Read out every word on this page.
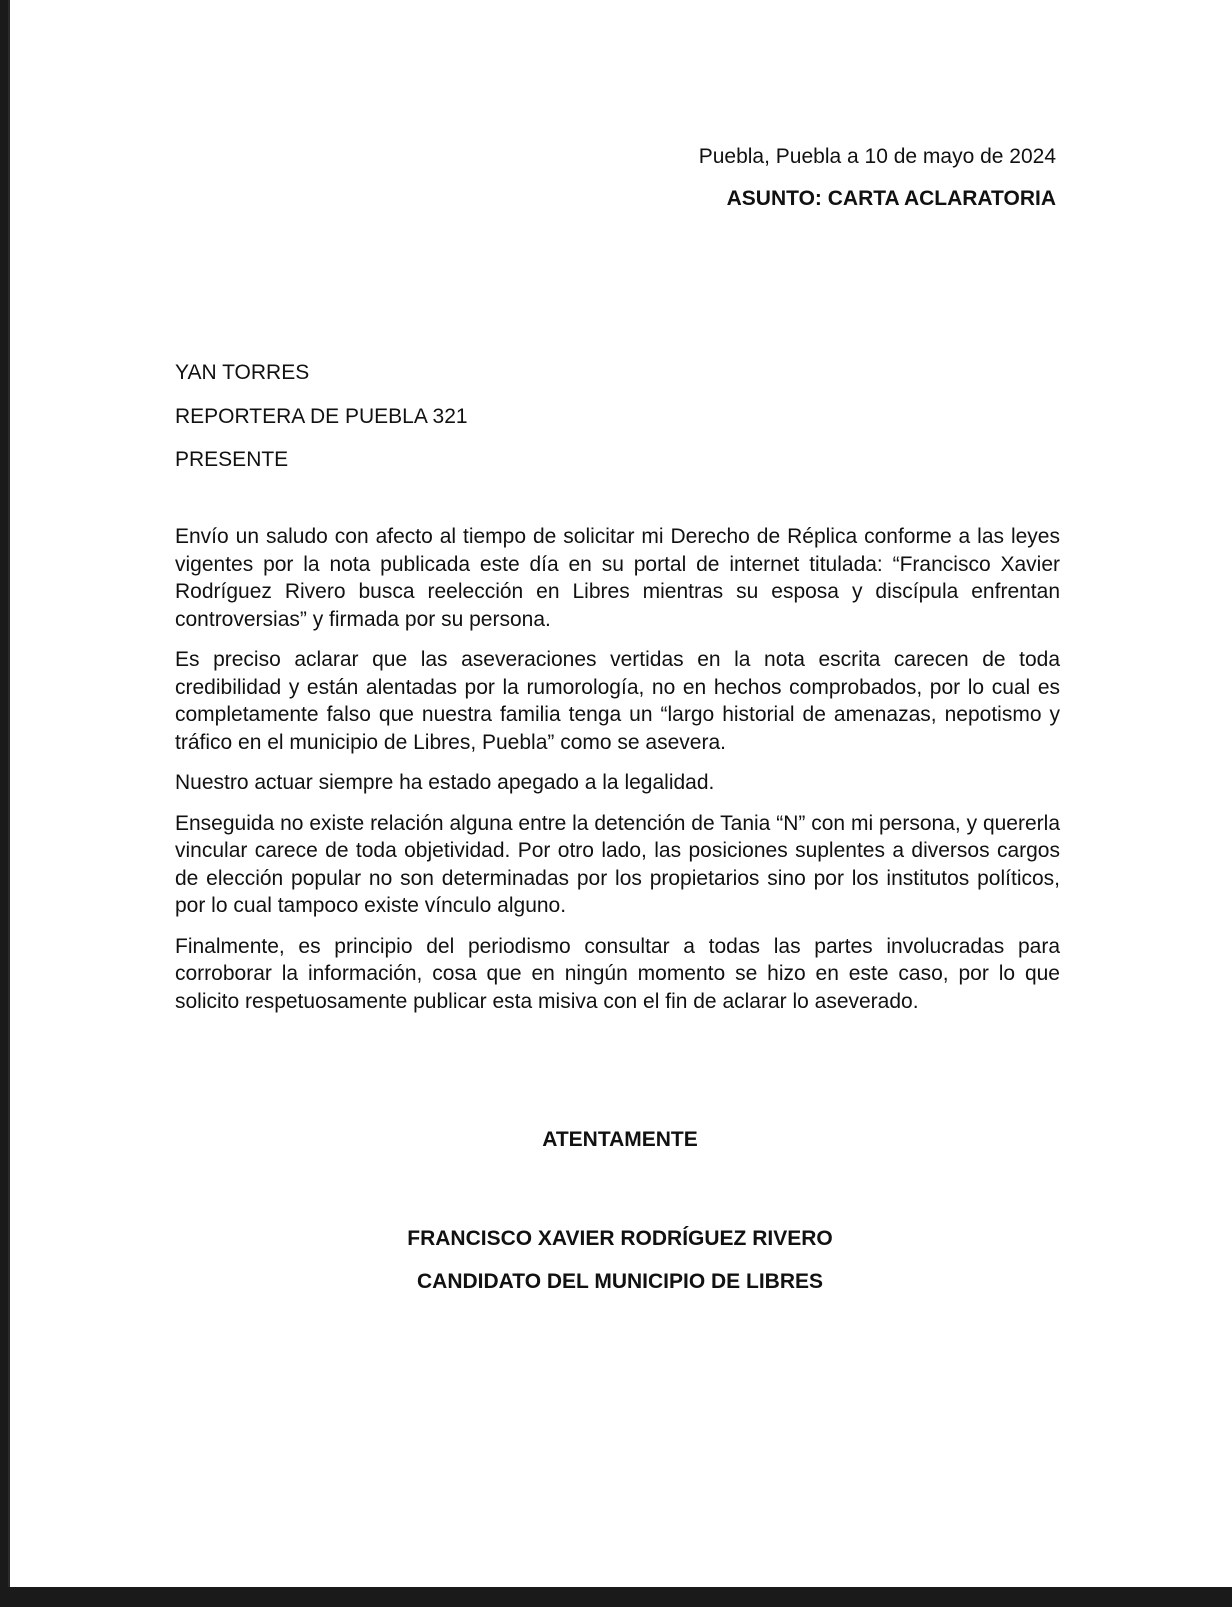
Puebla, Puebla a 10 de mayo de 2024
ASUNTO: CARTA ACLARATORIA
YAN TORRES
REPORTERA DE PUEBLA 321
PRESENTE

Envío un saludo con afecto al tiempo de solicitar mi Derecho de Réplica conforme a las leyes vigentes por la nota publicada este día en su portal de internet titulada: “Francisco Xavier Rodríguez Rivero busca reelección en Libres mientras su esposa y discípula enfrentan controversias” y firmada por su persona.

Es preciso aclarar que las aseveraciones vertidas en la nota escrita carecen de toda credibilidad y están alentadas por la rumorología, no en hechos comprobados, por lo cual es completamente falso que nuestra familia tenga un “largo historial de amenazas, nepotismo y tráfico en el municipio de Libres, Puebla” como se asevera.

Nuestro actuar siempre ha estado apegado a la legalidad.

Enseguida no existe relación alguna entre la detención de Tania “N” con mi persona, y quererla vincular carece de toda objetividad. Por otro lado, las posiciones suplentes a diversos cargos de elección popular no son determinadas por los propietarios sino por los institutos políticos, por lo cual tampoco existe vínculo alguno.

Finalmente, es principio del periodismo consultar a todas las partes involucradas para corroborar la información, cosa que en ningún momento se hizo en este caso, por lo que solicito respetuosamente publicar esta misiva con el fin de aclarar lo aseverado.

ATENTAMENTE
FRANCISCO XAVIER RODRÍGUEZ RIVERO
CANDIDATO DEL MUNICIPIO DE LIBRES
